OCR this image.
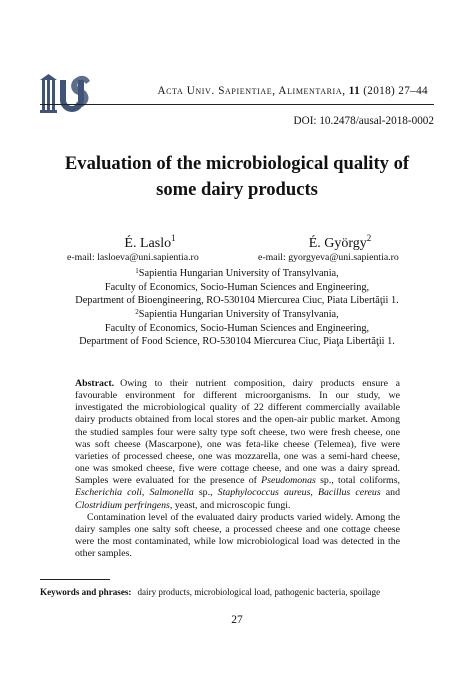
Acta Univ. Sapientiae, Alimentaria, 11 (2018) 27–44
DOI: 10.2478/ausal-2018-0002
Evaluation of the microbiological quality of
some dairy products
É. Laslo$^1$	É. György$^2$
e-mail: lasloeva@uni.sapientia.ro	e-mail: gyorgyeva@uni.sapientia.ro
$^1$Sapientia Hungarian University of Transylvania,
Faculty of Economics, Socio-Human Sciences and Engineering,
Department of Bioengineering, RO-530104 Miercurea Ciuc, Piata Libertăţii 1.
$^2$Sapientia Hungarian University of Transylvania,
Faculty of Economics, Socio-Human Sciences and Engineering,
Department of Food Science, RO-530104 Miercurea Ciuc, Piaţa Libertăţii 1.

Abstract. Owing to their nutrient composition, dairy products ensure a favourable environment for different microorganisms. In our study, we investigated the microbiological quality of 22 different commercially available dairy products obtained from local stores and the open-air public market. Among the studied samples four were salty type soft cheese, two were fresh cheese, one was soft cheese (Mascarpone), one was feta-like cheese (Telemea), five were varieties of processed cheese, one was mozzarella, one was a semi-hard cheese, one was smoked cheese, five were cottage cheese, and one was a dairy spread. Samples were evaluated for the presence of Pseudomonas sp., total coliforms, Escherichia coli, Salmonella sp., Staphylococcus aureus, Bacillus cereus and Clostridium perfringens, yeast, and microscopic fungi.

Contamination level of the evaluated dairy products varied widely. Among the dairy samples one salty soft cheese, a processed cheese and one cottage cheese were the most contaminated, while low microbiological load was detected in the other samples.

Keywords and phrases: dairy products, microbiological load, pathogenic bacteria, spoilage
27
